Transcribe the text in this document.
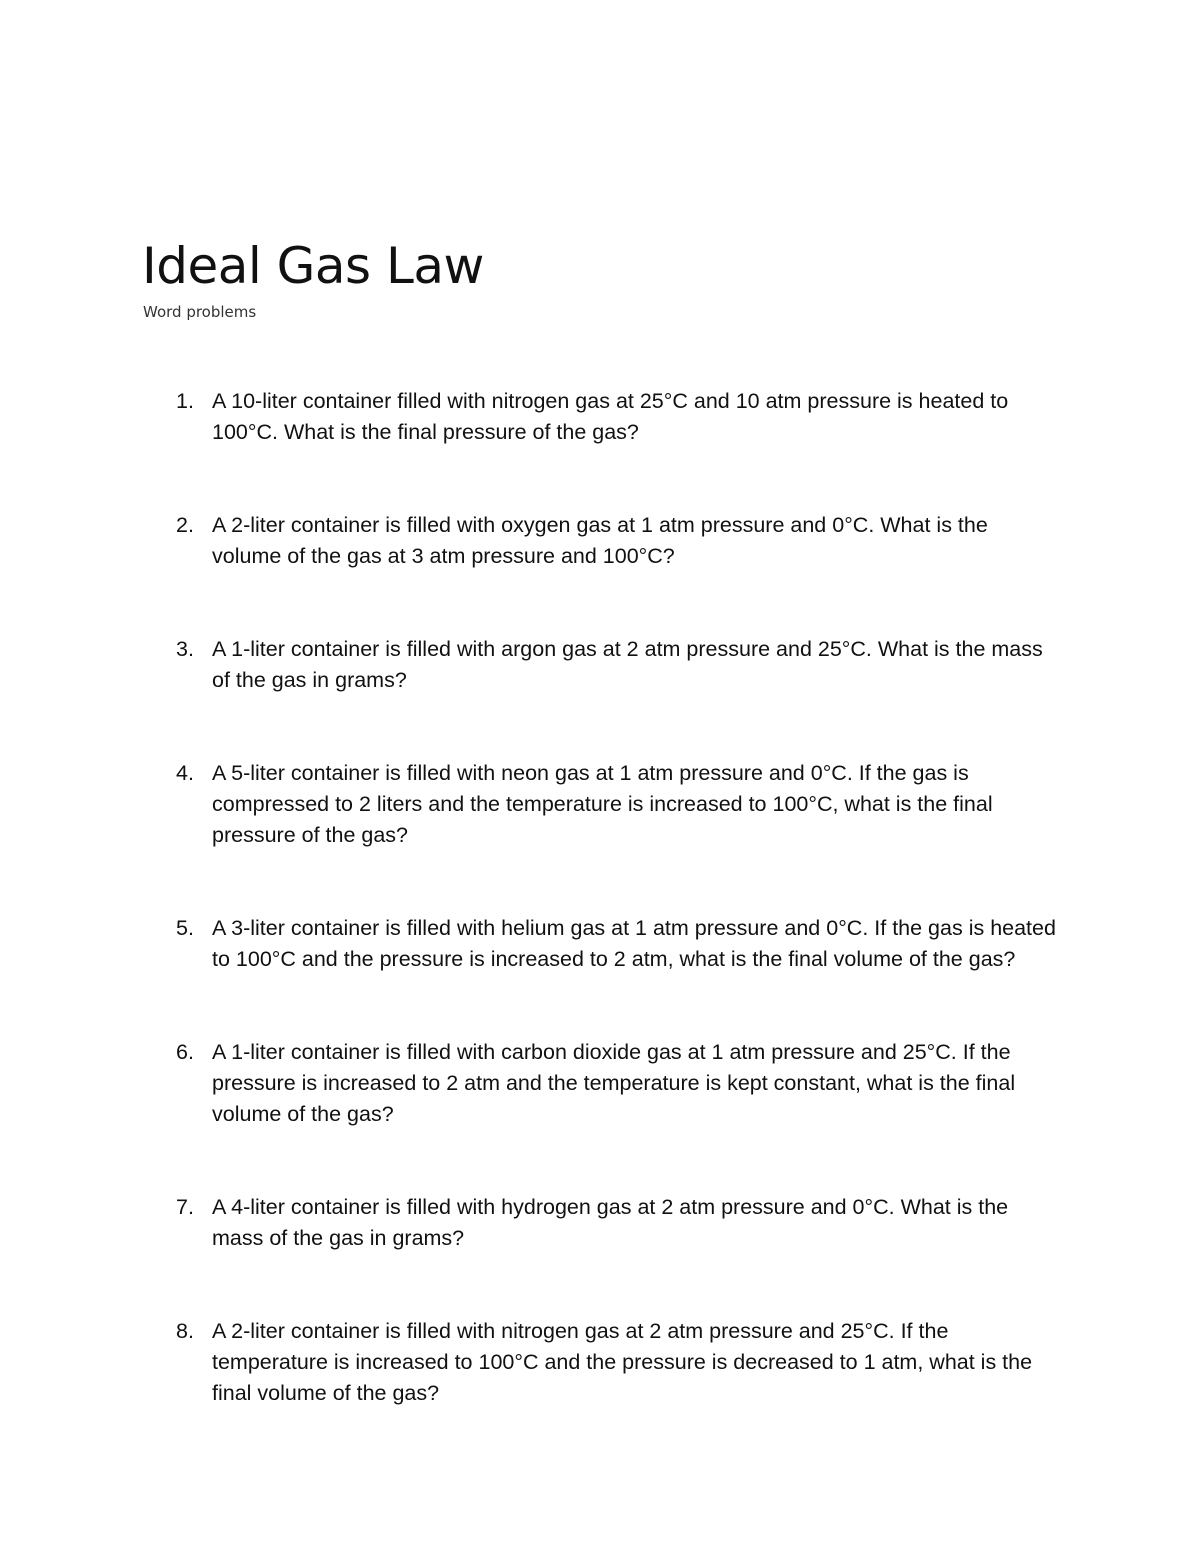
Ideal Gas Law

Word problems

1. A 10-liter container filled with nitrogen gas at 25°C and 10 atm pressure is heated to 100°C. What is the final pressure of the gas?
2. A 2-liter container is filled with oxygen gas at 1 atm pressure and 0°C. What is the volume of the gas at 3 atm pressure and 100°C?
3. A 1-liter container is filled with argon gas at 2 atm pressure and 25°C. What is the mass of the gas in grams?
4. A 5-liter container is filled with neon gas at 1 atm pressure and 0°C. If the gas is compressed to 2 liters and the temperature is increased to 100°C, what is the final pressure of the gas?
5. A 3-liter container is filled with helium gas at 1 atm pressure and 0°C. If the gas is heated to 100°C and the pressure is increased to 2 atm, what is the final volume of the gas?
6. A 1-liter container is filled with carbon dioxide gas at 1 atm pressure and 25°C. If the pressure is increased to 2 atm and the temperature is kept constant, what is the final volume of the gas?
7. A 4-liter container is filled with hydrogen gas at 2 atm pressure and 0°C. What is the mass of the gas in grams?
8. A 2-liter container is filled with nitrogen gas at 2 atm pressure and 25°C. If the temperature is increased to 100°C and the pressure is decreased to 1 atm, what is the final volume of the gas?
